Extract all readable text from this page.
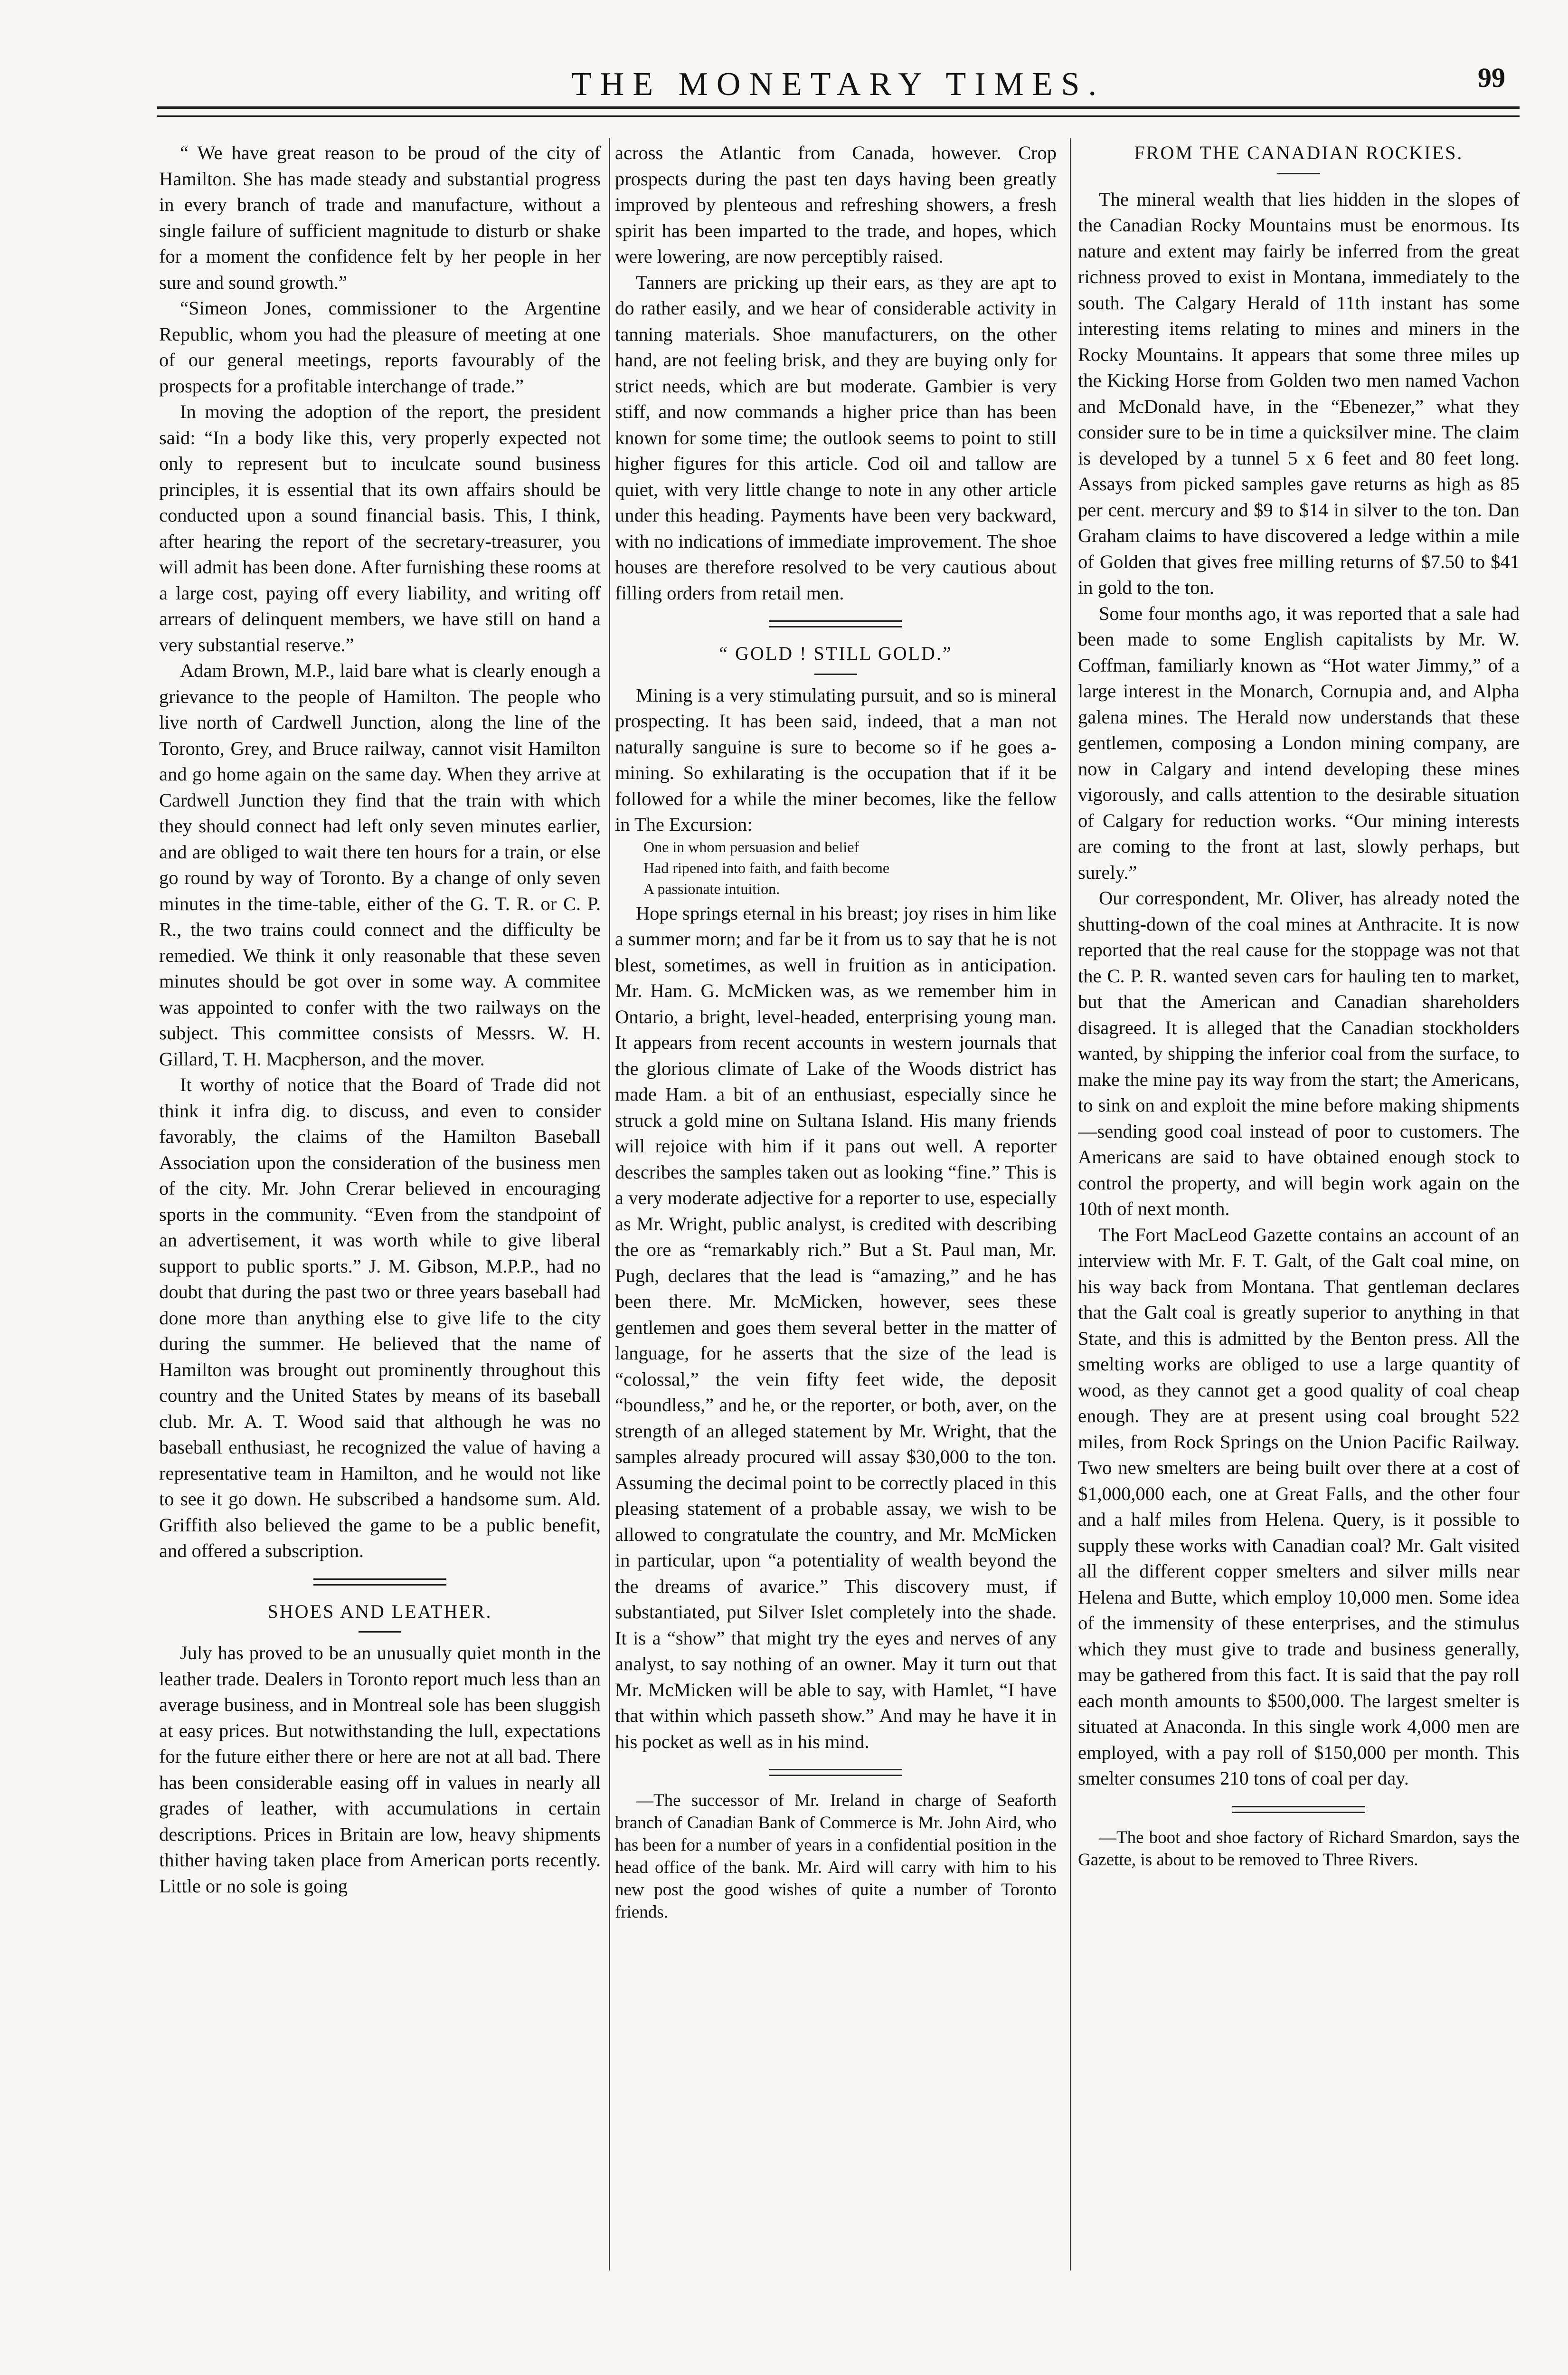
THE MONETARY TIMES.	99

“ We have great reason to be proud of the city of Hamilton. She has made steady and substantial progress in every branch of trade and manufacture, without a single failure of sufficient magnitude to disturb or shake for a moment the confidence felt by her people in her sure and sound growth.”

“Simeon Jones, commissioner to the Argentine Republic, whom you had the pleasure of meeting at one of our general meetings, reports favourably of the prospects for a profitable interchange of trade.”

In moving the adoption of the report, the president said: “In a body like this, very properly expected not only to represent but to inculcate sound business principles, it is essential that its own affairs should be conducted upon a sound financial basis. This, I think, after hearing the report of the secretary-treasurer, you will admit has been done. After furnishing these rooms at a large cost, paying off every liability, and writing off arrears of delinquent members, we have still on hand a very substantial reserve.”

Adam Brown, M.P., laid bare what is clearly enough a grievance to the people of Hamilton. The people who live north of Cardwell Junction, along the line of the Toronto, Grey, and Bruce railway, cannot visit Hamilton and go home again on the same day. When they arrive at Cardwell Junction they find that the train with which they should connect had left only seven minutes earlier, and are obliged to wait there ten hours for a train, or else go round by way of Toronto. By a change of only seven minutes in the time-table, either of the G. T. R. or C. P. R., the two trains could connect and the difficulty be remedied. We think it only reasonable that these seven minutes should be got over in some way. A commitee was appointed to confer with the two railways on the subject. This committee consists of Messrs. W. H. Gillard, T. H. Macpherson, and the mover.

It worthy of notice that the Board of Trade did not think it infra dig. to discuss, and even to consider favorably, the claims of the Hamilton Baseball Association upon the consideration of the business men of the city. Mr. John Crerar believed in encouraging sports in the community. “Even from the standpoint of an advertisement, it was worth while to give liberal support to public sports.” J. M. Gibson, M.P.P., had no doubt that during the past two or three years baseball had done more than anything else to give life to the city during the summer. He believed that the name of Hamilton was brought out prominently throughout this country and the United States by means of its baseball club. Mr. A. T. Wood said that although he was no baseball enthusiast, he recognized the value of having a representative team in Hamilton, and he would not like to see it go down. He subscribed a handsome sum. Ald. Griffith also believed the game to be a public benefit, and offered a subscription.

SHOES AND LEATHER.

July has proved to be an unusually quiet month in the leather trade. Dealers in Toronto report much less than an average business, and in Montreal sole has been sluggish at easy prices. But notwithstanding the lull, expectations for the future either there or here are not at all bad. There has been considerable easing off in values in nearly all grades of leather, with accumulations in certain descriptions. Prices in Britain are low, heavy shipments thither having taken place from American ports recently. Little or no sole is going

across the Atlantic from Canada, however. Crop prospects during the past ten days having been greatly improved by plenteous and refreshing showers, a fresh spirit has been imparted to the trade, and hopes, which were lowering, are now perceptibly raised.

Tanners are pricking up their ears, as they are apt to do rather easily, and we hear of considerable activity in tanning materials. Shoe manufacturers, on the other hand, are not feeling brisk, and they are buying only for strict needs, which are but moderate. Gambier is very stiff, and now commands a higher price than has been known for some time; the outlook seems to point to still higher figures for this article. Cod oil and tallow are quiet, with very little change to note in any other article under this heading. Payments have been very backward, with no indications of immediate improvement. The shoe houses are therefore resolved to be very cautious about filling orders from retail men.

“ GOLD ! STILL GOLD.”

Mining is a very stimulating pursuit, and so is mineral prospecting. It has been said, indeed, that a man not naturally sanguine is sure to become so if he goes a-mining. So exhilarating is the occupation that if it be followed for a while the miner becomes, like the fellow in The Excursion:

One in whom persuasion and belief

Had ripened into faith, and faith become

A passionate intuition.

Hope springs eternal in his breast; joy rises in him like a summer morn; and far be it from us to say that he is not blest, sometimes, as well in fruition as in anticipation. Mr. Ham. G. McMicken was, as we remember him in Ontario, a bright, level-headed, enterprising young man. It appears from recent accounts in western journals that the glorious climate of Lake of the Woods district has made Ham. a bit of an enthusiast, especially since he struck a gold mine on Sultana Island. His many friends will rejoice with him if it pans out well. A reporter describes the samples taken out as looking “fine.” This is a very moderate adjective for a reporter to use, especially as Mr. Wright, public analyst, is credited with describing the ore as “remarkably rich.” But a St. Paul man, Mr. Pugh, declares that the lead is “amazing,” and he has been there. Mr. McMicken, however, sees these gentlemen and goes them several better in the matter of language, for he asserts that the size of the lead is “colossal,” the vein fifty feet wide, the deposit “boundless,” and he, or the reporter, or both, aver, on the strength of an alleged statement by Mr. Wright, that the samples already procured will assay $30,000 to the ton. Assuming the decimal point to be correctly placed in this pleasing statement of a probable assay, we wish to be allowed to congratulate the country, and Mr. McMicken in particular, upon “a potentiality of wealth beyond the the dreams of avarice.” This discovery must, if substantiated, put Silver Islet completely into the shade. It is a “show” that might try the eyes and nerves of any analyst, to say nothing of an owner. May it turn out that Mr. McMicken will be able to say, with Hamlet, “I have that within which passeth show.” And may he have it in his pocket as well as in his mind.

—The successor of Mr. Ireland in charge of Seaforth branch of Canadian Bank of Commerce is Mr. John Aird, who has been for a number of years in a confidential position in the head office of the bank. Mr. Aird will carry with him to his new post the good wishes of quite a number of Toronto friends.

FROM THE CANADIAN ROCKIES.

The mineral wealth that lies hidden in the slopes of the Canadian Rocky Mountains must be enormous. Its nature and extent may fairly be inferred from the great richness proved to exist in Montana, immediately to the south. The Calgary Herald of 11th instant has some interesting items relating to mines and miners in the Rocky Mountains. It appears that some three miles up the Kicking Horse from Golden two men named Vachon and McDonald have, in the “Ebenezer,” what they consider sure to be in time a quicksilver mine. The claim is developed by a tunnel 5 x 6 feet and 80 feet long. Assays from picked samples gave returns as high as 85 per cent. mercury and $9 to $14 in silver to the ton. Dan Graham claims to have discovered a ledge within a mile of Golden that gives free milling returns of $7.50 to $41 in gold to the ton.

Some four months ago, it was reported that a sale had been made to some English capitalists by Mr. W. Coffman, familiarly known as “Hot water Jimmy,” of a large interest in the Monarch, Cornupia and, and Alpha galena mines. The Herald now understands that these gentlemen, composing a London mining company, are now in Calgary and intend developing these mines vigorously, and calls attention to the desirable situation of Calgary for reduction works. “Our mining interests are coming to the front at last, slowly perhaps, but surely.”

Our correspondent, Mr. Oliver, has already noted the shutting-down of the coal mines at Anthracite. It is now reported that the real cause for the stoppage was not that the C. P. R. wanted seven cars for hauling ten to market, but that the American and Canadian shareholders disagreed. It is alleged that the Canadian stockholders wanted, by shipping the inferior coal from the surface, to make the mine pay its way from the start; the Americans, to sink on and exploit the mine before making shipments—sending good coal instead of poor to customers. The Americans are said to have obtained enough stock to control the property, and will begin work again on the 10th of next month.

The Fort MacLeod Gazette contains an account of an interview with Mr. F. T. Galt, of the Galt coal mine, on his way back from Montana. That gentleman declares that the Galt coal is greatly superior to anything in that State, and this is admitted by the Benton press. All the smelting works are obliged to use a large quantity of wood, as they cannot get a good quality of coal cheap enough. They are at present using coal brought 522 miles, from Rock Springs on the Union Pacific Railway. Two new smelters are being built over there at a cost of $1,000,000 each, one at Great Falls, and the other four and a half miles from Helena. Query, is it possible to supply these works with Canadian coal? Mr. Galt visited all the different copper smelters and silver mills near Helena and Butte, which employ 10,000 men. Some idea of the immensity of these enterprises, and the stimulus which they must give to trade and business generally, may be gathered from this fact. It is said that the pay roll each month amounts to $500,000. The largest smelter is situated at Anaconda. In this single work 4,000 men are employed, with a pay roll of $150,000 per month. This smelter consumes 210 tons of coal per day.

—The boot and shoe factory of Richard Smardon, says the Gazette, is about to be removed to Three Rivers.
